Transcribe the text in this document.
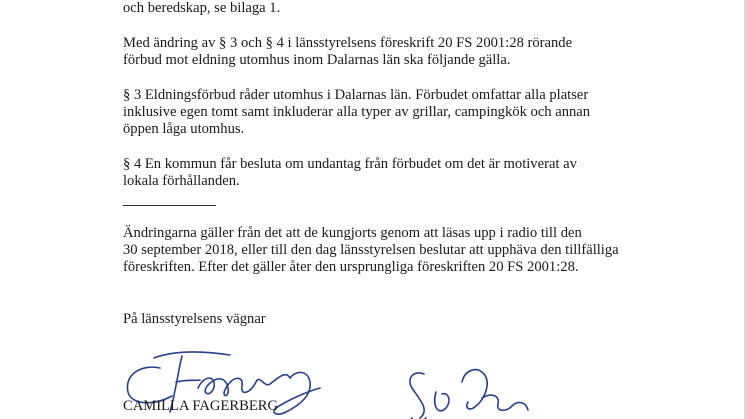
och beredskap, se bilaga 1.

Med ändring av § 3 och § 4 i länsstyrelsens föreskrift 20 FS 2001:28 rörande

förbud mot eldning utomhus inom Dalarnas län ska följande gälla.

§ 3 Eldningsförbud råder utomhus i Dalarnas län. Förbudet omfattar alla platser

inklusive egen tomt samt inkluderar alla typer av grillar, campingkök och annan

öppen låga utomhus.

§ 4 En kommun får besluta om undantag från förbudet om det är motiverat av

lokala förhållanden.

Ändringarna gäller från det att de kungjorts genom att läsas upp i radio till den

30 september 2018, eller till den dag länsstyrelsen beslutar att upphäva den tillfälliga

föreskriften. Efter det gäller åter den ursprungliga föreskriften 20 FS 2001:28.

På länsstyrelsens vägnar

CAMILLA FAGERBERG
